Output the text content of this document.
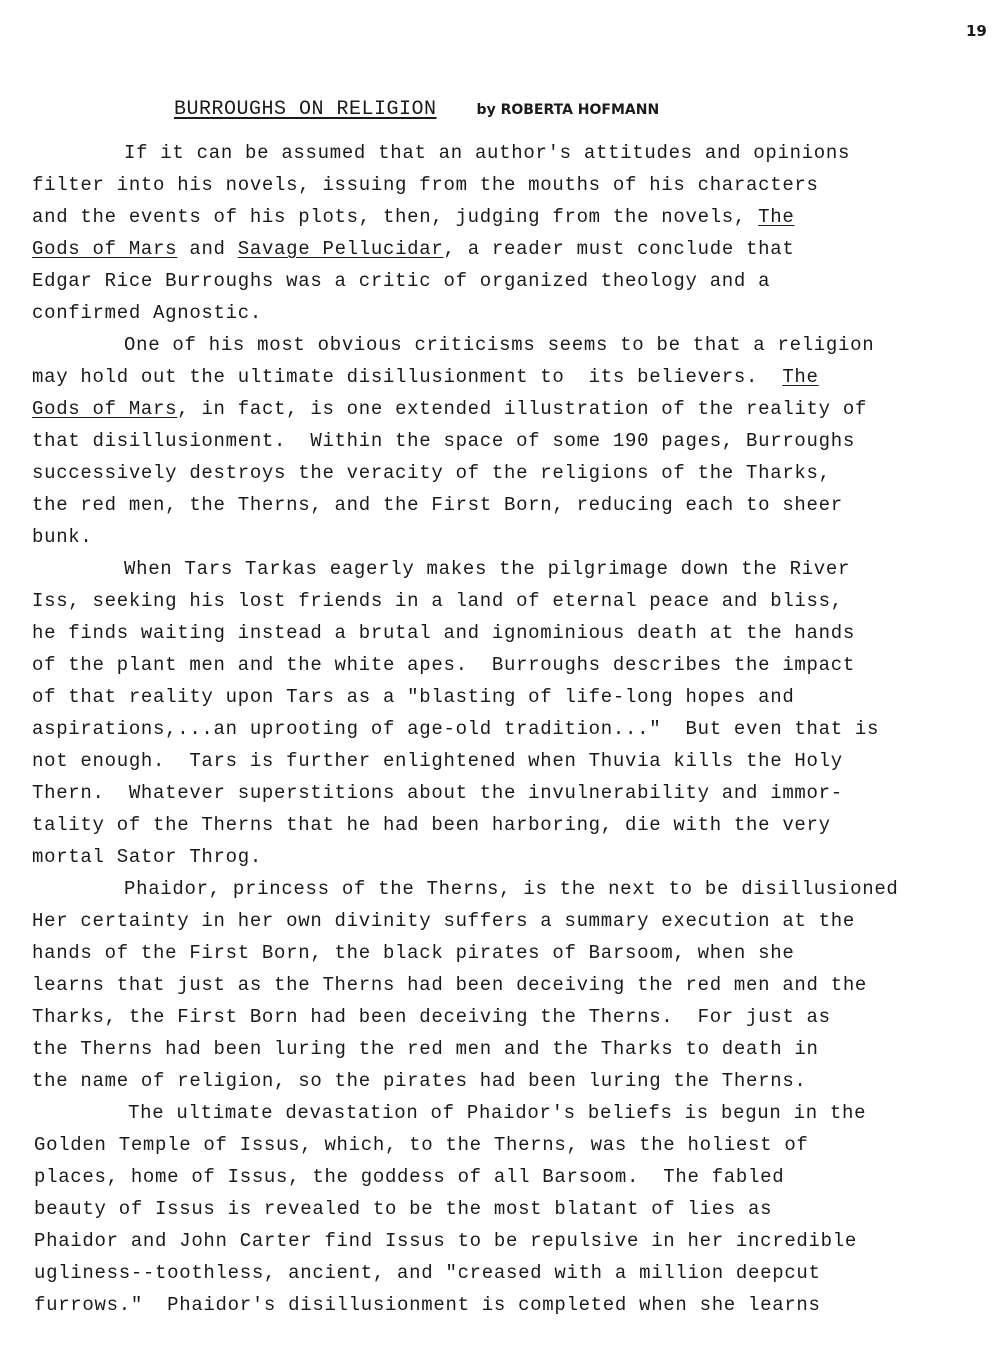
19
BURROUGHS ON RELIGION	by ROBERTA HOFMANN
If it can be assumed that an author's attitudes and opinions
filter into his novels, issuing from the mouths of his characters
and the events of his plots, then, judging from the novels, The
Gods of Mars and Savage Pellucidar, a reader must conclude that
Edgar Rice Burroughs was a critic of organized theology and a
confirmed Agnostic.
One of his most obvious criticisms seems to be that a religion
may hold out the ultimate disillusionment to  its believers.  The
Gods of Mars, in fact, is one extended illustration of the reality of
that disillusionment.  Within the space of some 190 pages, Burroughs
successively destroys the veracity of the religions of the Tharks,
the red men, the Therns, and the First Born, reducing each to sheer
bunk.
When Tars Tarkas eagerly makes the pilgrimage down the River
Iss, seeking his lost friends in a land of eternal peace and bliss,
he finds waiting instead a brutal and ignominious death at the hands
of the plant men and the white apes.  Burroughs describes the impact
of that reality upon Tars as a "blasting of life-long hopes and
aspirations,...an uprooting of age-old tradition..."  But even that is
not enough.  Tars is further enlightened when Thuvia kills the Holy
Thern.  Whatever superstitions about the invulnerability and immor-
tality of the Therns that he had been harboring, die with the very
mortal Sator Throg.
Phaidor, princess of the Therns, is the next to be disillusioned
Her certainty in her own divinity suffers a summary execution at the
hands of the First Born, the black pirates of Barsoom, when she
learns that just as the Therns had been deceiving the red men and the
Tharks, the First Born had been deceiving the Therns.  For just as
the Therns had been luring the red men and the Tharks to death in
the name of religion, so the pirates had been luring the Therns.
The ultimate devastation of Phaidor's beliefs is begun in the
Golden Temple of Issus, which, to the Therns, was the holiest of
places, home of Issus, the goddess of all Barsoom.  The fabled
beauty of Issus is revealed to be the most blatant of lies as
Phaidor and John Carter find Issus to be repulsive in her incredible
ugliness--toothless, ancient, and "creased with a million deepcut
furrows."  Phaidor's disillusionment is completed when she learns
